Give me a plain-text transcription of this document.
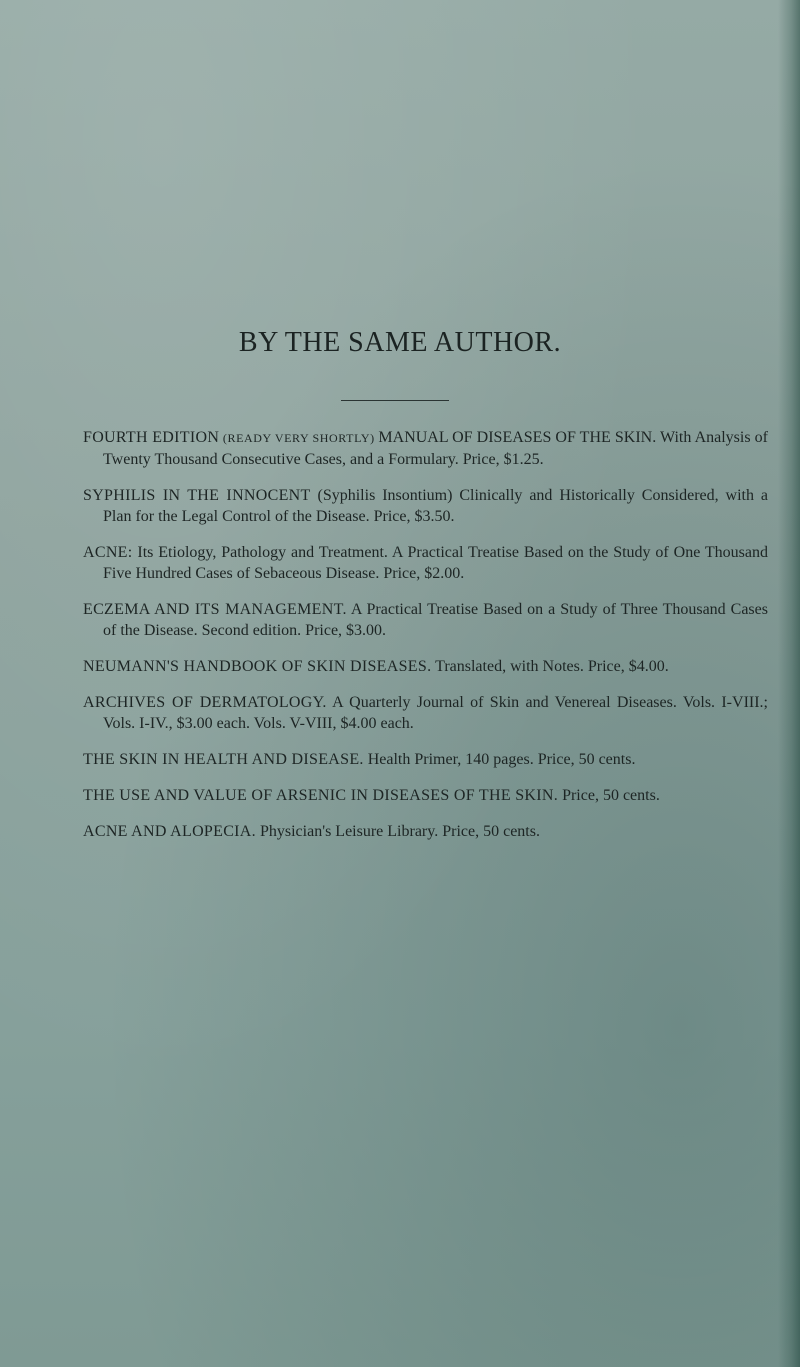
BY THE SAME AUTHOR.
FOURTH EDITION (READY VERY SHORTLY) MANUAL OF DISEASES OF THE SKIN. With Analysis of Twenty Thousand Consecutive Cases, and a Formulary. Price, $1.25.
SYPHILIS IN THE INNOCENT (Syphilis Insontium) Clinically and Historically Considered, with a Plan for the Legal Control of the Disease. Price, $3.50.
ACNE: Its Etiology, Pathology and Treatment. A Practical Treatise Based on the Study of One Thousand Five Hundred Cases of Sebaceous Disease. Price, $2.00.
ECZEMA AND ITS MANAGEMENT. A Practical Treatise Based on a Study of Three Thousand Cases of the Disease. Second edition. Price, $3.00.
NEUMANN'S HANDBOOK OF SKIN DISEASES. Translated, with Notes. Price, $4.00.
ARCHIVES OF DERMATOLOGY. A Quarterly Journal of Skin and Venereal Diseases. Vols. I-VIII.; Vols. I-IV., $3.00 each. Vols. V-VIII, $4.00 each.
THE SKIN IN HEALTH AND DISEASE. Health Primer, 140 pages. Price, 50 cents.
THE USE AND VALUE OF ARSENIC IN DISEASES OF THE SKIN. Price, 50 cents.
ACNE AND ALOPECIA. Physician's Leisure Library. Price, 50 cents.
